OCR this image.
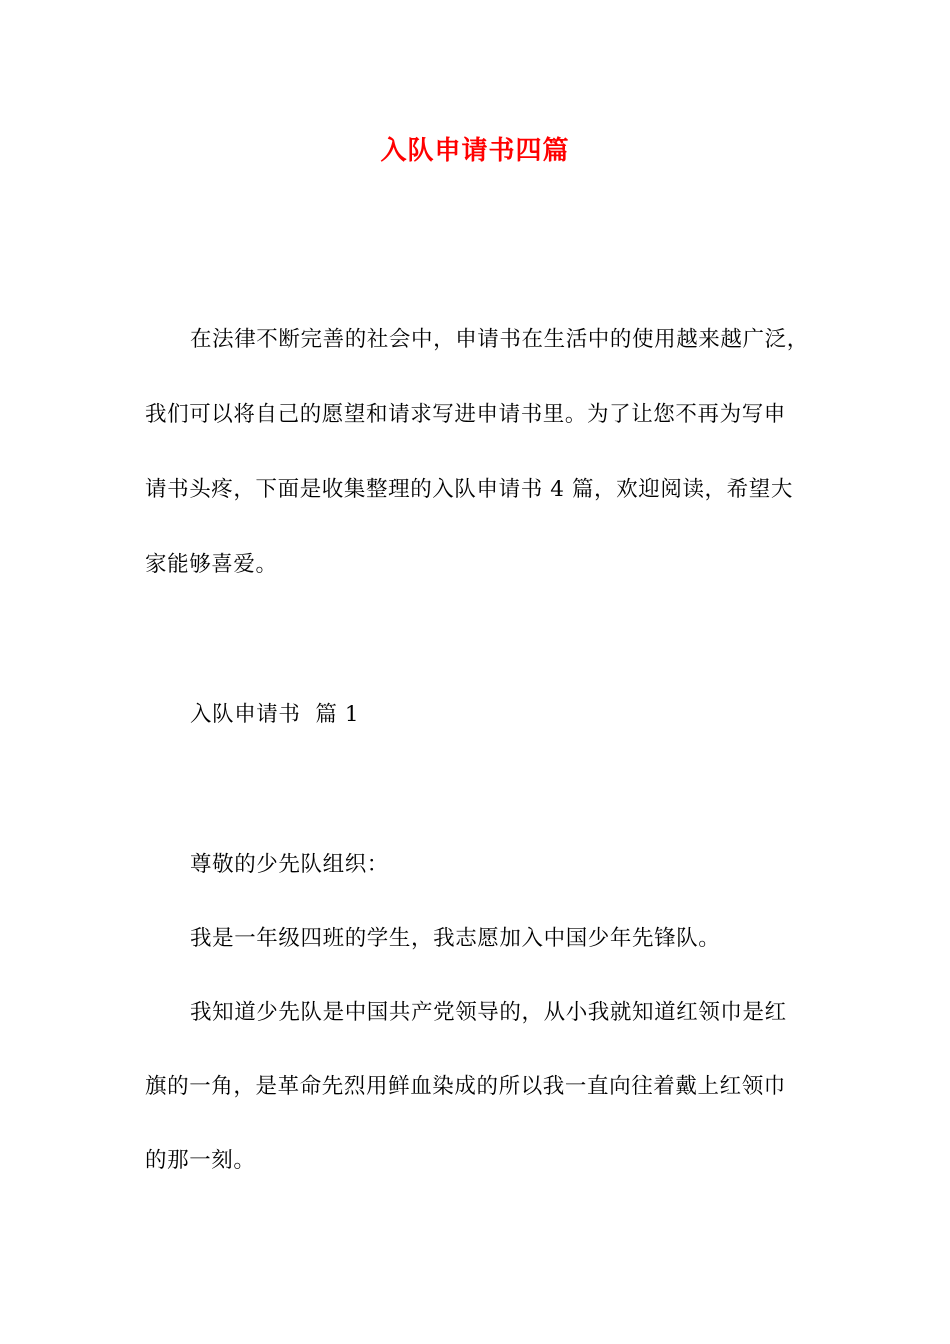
入队申请书四篇
在法律不断完善的社会中，申请书在生活中的使用越来越广泛，
我们可以将自己的愿望和请求写进申请书里。为了让您不再为写申
请书头疼，下面是收集整理的入队申请书 4 篇，欢迎阅读，希望大
家能够喜爱。
入队申请书  篇 1
尊敬的少先队组织：
我是一年级四班的学生，我志愿加入中国少年先锋队。
我知道少先队是中国共产党领导的，从小我就知道红领巾是红
旗的一角，是革命先烈用鲜血染成的所以我一直向往着戴上红领巾
的那一刻。
